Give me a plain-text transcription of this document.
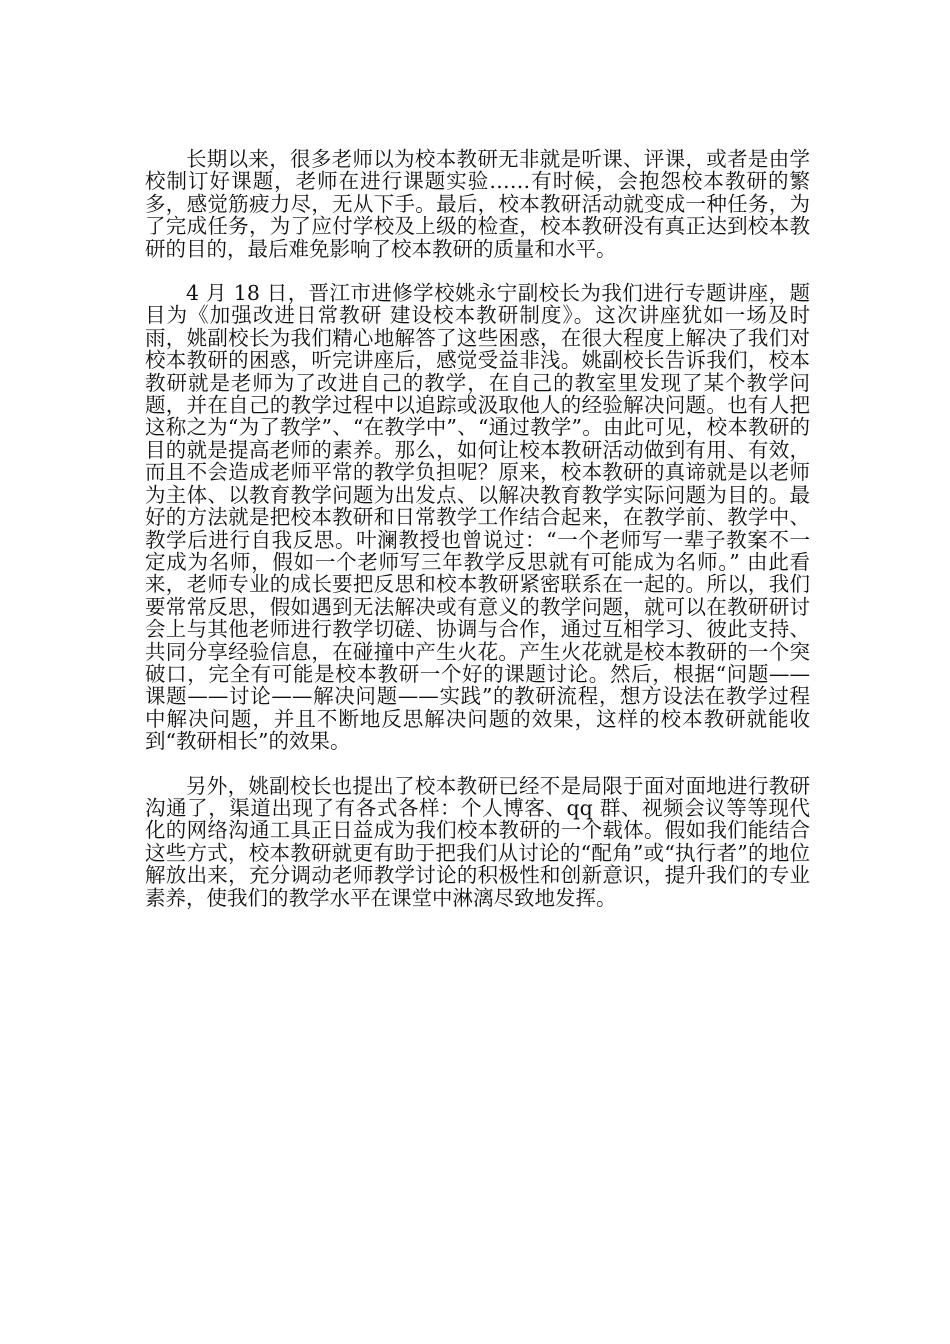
长期以来，很多老师以为校本教研无非就是听课、评课，或者是由学校制订好课题，老师在进行课题实验……有时候，会抱怨校本教研的繁多，感觉筋疲力尽，无从下手。最后，校本教研活动就变成一种任务，为了完成任务，为了应付学校及上级的检查，校本教研没有真正达到校本教研的目的，最后难免影响了校本教研的质量和水平。

4 月 18 日，晋江市进修学校姚永宁副校长为我们进行专题讲座，题目为《加强改进日常教研 建设校本教研制度》。这次讲座犹如一场及时雨，姚副校长为我们精心地解答了这些困惑，在很大程度上解决了我们对校本教研的困惑，听完讲座后，感觉受益非浅。姚副校长告诉我们，校本教研就是老师为了改进自己的教学，在自己的教室里发现了某个教学问题，并在自己的教学过程中以追踪或汲取他人的经验解决问题。也有人把这称之为“为了教学”、“在教学中”、“通过教学”。由此可见，校本教研的目的就是提高老师的素养。那么，如何让校本教研活动做到有用、有效，而且不会造成老师平常的教学负担呢？原来，校本教研的真谛就是以老师为主体、以教育教学问题为出发点、以解决教育教学实际问题为目的。最好的方法就是把校本教研和日常教学工作结合起来，在教学前、教学中、教学后进行自我反思。叶澜教授也曾说过：“一个老师写一辈子教案不一定成为名师，假如一个老师写三年教学反思就有可能成为名师。” 由此看来，老师专业的成长要把反思和校本教研紧密联系在一起的。所以，我们要常常反思，假如遇到无法解决或有意义的教学问题，就可以在教研研讨会上与其他老师进行教学切磋、协调与合作，通过互相学习、彼此支持、共同分享经验信息，在碰撞中产生火花。产生火花就是校本教研的一个突破口，完全有可能是校本教研一个好的课题讨论。然后，根据“问题——课题——讨论——解决问题——实践”的教研流程，想方设法在教学过程中解决问题，并且不断地反思解决问题的效果，这样的校本教研就能收到“教研相长”的效果。

另外，姚副校长也提出了校本教研已经不是局限于面对面地进行教研沟通了，渠道出现了有各式各样：个人博客、qq 群、视频会议等等现代化的网络沟通工具正日益成为我们校本教研的一个载体。假如我们能结合这些方式，校本教研就更有助于把我们从讨论的“配角”或“执行者”的地位解放出来，充分调动老师教学讨论的积极性和创新意识，提升我们的专业素养，使我们的教学水平在课堂中淋漓尽致地发挥。
